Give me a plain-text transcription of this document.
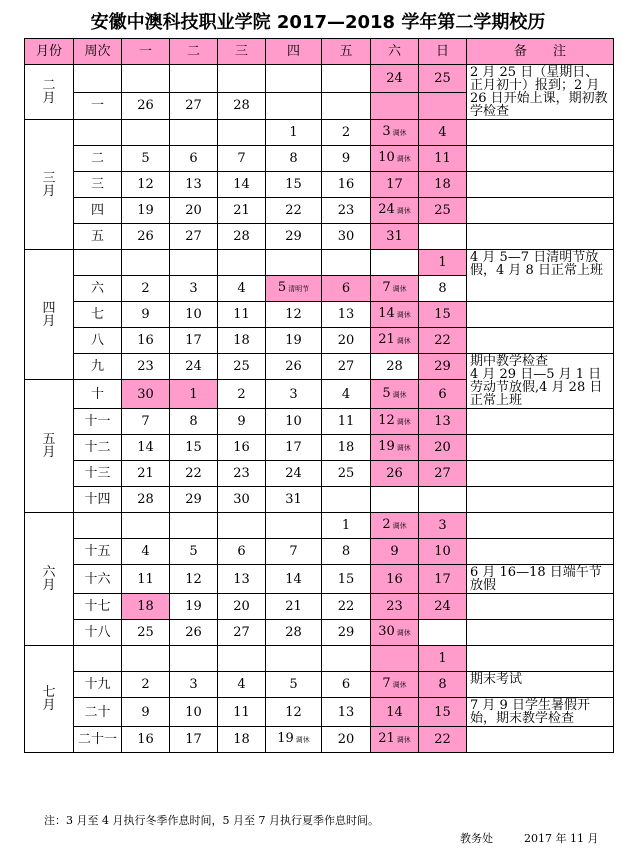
安徽中澳科技职业学院 2017—2018 学年第二学期校历
月份	周次	一	二	三	四	五	六	日	备　　注
二
月							24	25	2 月 25 日（星期日、正月初十）报到；2 月 26 日开始上课，期初教学检查
	一	26	27	28					
三
月					1	2	3 调休	4	
	二	5	6	7	8	9	10 调休	11	
	三	12	13	14	15	16	17	18	
	四	19	20	21	22	23	24 调休	25	
	五	26	27	28	29	30	31		
四
月								1	4 月 5—7 日清明节放假，4 月 8 日正常上班
	六	2	3	4	5 清明节	6	7 调休	8	
	七	9	10	11	12	13	14 调休	15	
	八	16	17	18	19	20	21 调休	22	
	九	23	24	25	26	27	28	29	期中教学检查
4 月 29 日—5 月 1 日劳动节放假,4 月 28 日正常上班
五
月	十	30	1	2	3	4	5 调休	6	
	十一	7	8	9	10	11	12 调休	13	
	十二	14	15	16	17	18	19 调休	20	
	十三	21	22	23	24	25	26	27	
	十四	28	29	30	31				
六
月						1	2 调休	3	
	十五	4	5	6	7	8	9	10	
	十六	11	12	13	14	15	16	17	6 月 16—18 日端午节放假
	十七	18	19	20	21	22	23	24	
	十八	25	26	27	28	29	30 调休		
七
月								1	
	十九	2	3	4	5	6	7 调休	8	期末考试
	二十	9	10	11	12	13	14	15	7 月 9 日学生暑假开始，期末教学检查
	二十一	16	17	18	19 调休	20	21 调休	22	
注：3 月至 4 月执行冬季作息时间，5 月至 7 月执行夏季作息时间。
教务处	2017 年 11 月
